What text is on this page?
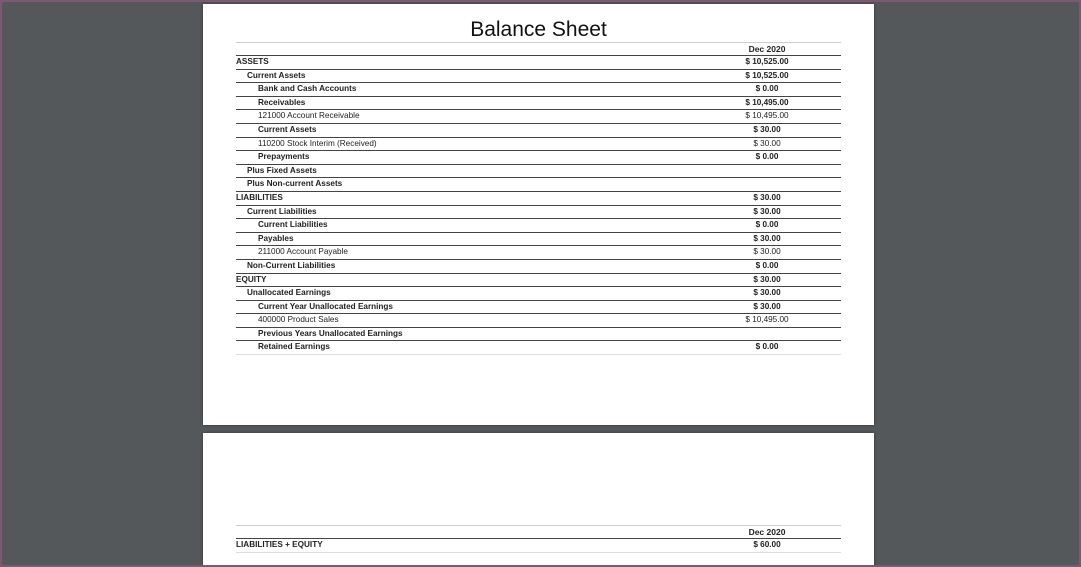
Balance Sheet
Dec 2020
ASSETS	$ 10,525.00
Current Assets	$ 10,525.00
Bank and Cash Accounts	$ 0.00
Receivables	$ 10,495.00
121000 Account Receivable	$ 10,495.00
Current Assets	$ 30.00
110200 Stock Interim (Received)	$ 30.00
Prepayments	$ 0.00
Plus Fixed Assets
Plus Non-current Assets
LIABILITIES	$ 30.00
Current Liabilities	$ 30.00
Current Liabilities	$ 0.00
Payables	$ 30.00
211000 Account Payable	$ 30.00
Non-Current Liabilities	$ 0.00
EQUITY	$ 30.00
Unallocated Earnings	$ 30.00
Current Year Unallocated Earnings	$ 30.00
400000 Product Sales	$ 10,495.00
Previous Years Unallocated Earnings
Retained Earnings	$ 0.00
Dec 2020
LIABILITIES + EQUITY	$ 60.00
